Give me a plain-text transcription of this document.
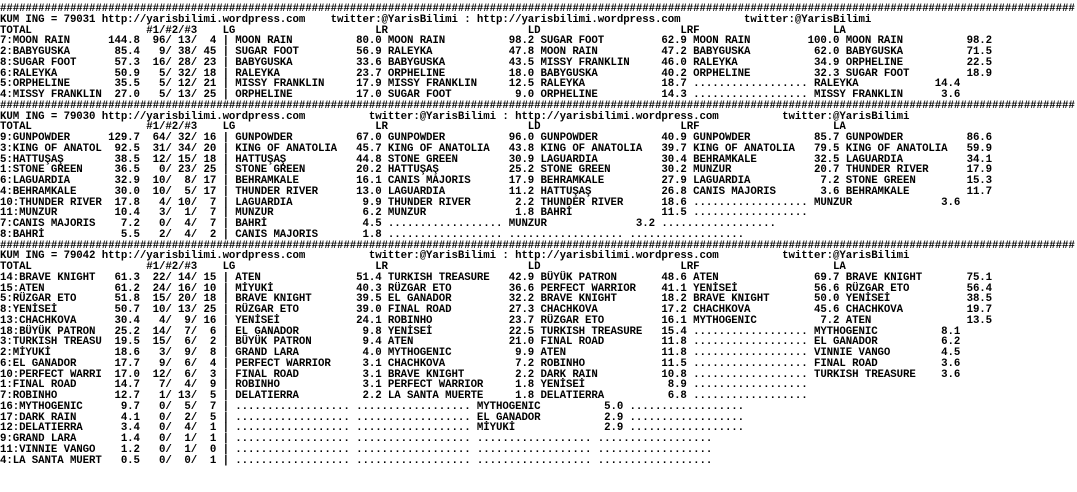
#########################################################################################################################################################################
KUM ING = 79031 http://yarisbilimi.wordpress.com    twitter:@YarisBilimi : http://yarisbilimi.wordpress.com          twitter:@YarisBilimi
TOTAL                  #1/#2/#3    LG                      LR                      LD                      LRF                     LA
7:MOON RAIN      144.8  96/ 13/  4 | MOON RAIN          80.0 MOON RAIN          98.2 SUGAR FOOT         62.9 MOON RAIN         100.0 MOON RAIN          98.2
2:BABYGUSKA       85.4   9/ 38/ 45 | SUGAR FOOT         56.9 RALEYKA            47.8 MOON RAIN          47.2 BABYGUSKA          62.0 BABYGUSKA          71.5
8:SUGAR FOOT      57.3  16/ 28/ 23 | BABYGUSKA          33.6 BABYGUSKA          43.5 MISSY FRANKLIN     46.0 RALEYKA            34.9 ORPHELINE          22.5
6:RALEYKA         50.9   5/ 32/ 18 | RALEYKA            23.7 ORPHELINE          18.0 BABYGUSKA          40.2 ORPHELINE          32.3 SUGAR FOOT         18.9
5:ORPHELINE       35.5   5/ 12/ 21 | MISSY FRANKLIN     17.9 MISSY FRANKLIN     12.5 RALEYKA            18.7 .................. RALEYKA            14.4
4:MISSY FRANKLIN  27.0   5/ 13/ 25 | ORPHELINE          17.0 SUGAR FOOT          9.0 ORPHELINE          14.3 .................. MISSY FRANKLIN      3.6
#########################################################################################################################################################################
KUM ING = 79030 http://yarisbilimi.wordpress.com          twitter:@YarisBilimi : http://yarisbilimi.wordpress.com          twitter:@YarisBilimi
TOTAL                  #1/#2/#3    LG                      LR                      LD                      LRF                     LA
9:GUNPOWDER      129.7  64/ 32/ 16 | GUNPOWDER          67.0 GUNPOWDER          96.0 GUNPOWDER          40.9 GUNPOWDER          85.7 GUNPOWDER          86.6
3:KING OF ANATOL  92.5  31/ 34/ 20 | KING OF ANATOLIA   45.7 KING OF ANATOLIA   43.8 KING OF ANATOLIA   39.7 KING OF ANATOLIA   79.5 KING OF ANATOLIA   59.9
5:HATTUŞAŞ        38.5  12/ 15/ 18 | HATTUŞAŞ           44.8 STONE GREEN        30.9 LAGUARDIA          30.4 BEHRAMKALE         32.5 LAGUARDIA          34.1
1:STONE GREEN     36.5   0/ 23/ 25 | STONE GREEN        20.2 HATTUŞAŞ           25.2 STONE GREEN        30.2 MUNZUR             20.7 THUNDER RIVER      17.9
6:LAGUARDIA       32.9  10/  8/ 17 | BEHRAMKALE         16.1 CANIS MAJORIS      17.9 BEHRAMKALE         27.9 LAGUARDIA           7.2 STONE GREEN        15.3
4:BEHRAMKALE      30.0  10/  5/ 17 | THUNDER RIVER      13.0 LAGUARDIA          11.2 HATTUŞAŞ           26.8 CANIS MAJORIS       3.6 BEHRAMKALE         11.7
10:THUNDER RIVER  17.8   4/ 10/  7 | LAGUARDIA           9.9 THUNDER RIVER       2.2 THUNDER RIVER      18.6 .................. MUNZUR              3.6
11:MUNZUR         10.4   3/  1/  7 | MUNZUR              6.2 MUNZUR              1.8 BAHRİ              11.5 ..................
7:CANIS MAJORIS    7.2   0/  4/  7 | BAHRİ               4.5 .................. MUNZUR              3.2 ..................
8:BAHRİ            5.5   2/  4/  2 | CANIS MAJORIS       1.8 .................. .................. ..................
#########################################################################################################################################################################
KUM ING = 79042 http://yarisbilimi.wordpress.com          twitter:@YarisBilimi : http://yarisbilimi.wordpress.com          twitter:@YarisBilimi
TOTAL                  #1/#2/#3    LG                      LR                      LD                      LRF                     LA
14:BRAVE KNIGHT   61.3  22/ 14/ 15 | ATEN               51.4 TURKISH TREASURE   42.9 BÜYÜK PATRON       48.6 ATEN               69.7 BRAVE KNIGHT       75.1
15:ATEN           61.2  24/ 16/ 10 | MİYUKİ             40.3 RÜZGAR ETO         36.6 PERFECT WARRIOR    41.1 YENİSEİ            56.6 RÜZGAR ETO         56.4
5:RÜZGAR ETO      51.8  15/ 20/ 18 | BRAVE KNIGHT       39.5 EL GANADOR         32.2 BRAVE KNIGHT       18.2 BRAVE KNIGHT       50.0 YENİSEİ            38.5
8:YENİSEİ         50.7  10/ 13/ 25 | RÜZGAR ETO         39.0 FINAL ROAD         27.3 CHACHKOVA          17.2 CHACHKOVA          45.6 CHACHKOVA          19.7
13:CHACHKOVA      30.4   4/  9/ 16 | YENİSEİ            24.1 ROBINHO            23.7 RÜZGAR ETO         16.1 MYTHOGENIC          7.2 ATEN               13.5
18:BÜYÜK PATRON   25.2  14/  7/  6 | EL GANADOR          9.8 YENİSEİ            22.5 TURKISH TREASURE   15.4 .................. MYTHOGENIC          8.1
3:TURKISH TREASU  19.5  15/  6/  2 | BÜYÜK PATRON        9.4 ATEN               21.0 FINAL ROAD         11.8 .................. EL GANADOR          6.2
2:MİYUKİ          18.6   3/  9/  8 | GRAND LARA          4.0 MYTHOGENIC          9.9 ATEN               11.8 .................. VINNIE VANGO        4.5
6:EL GANADOR      17.7   9/  6/  4 | PERFECT WARRIOR     3.1 CHACHKOVA           7.2 ROBINHO            11.5 .................. FINAL ROAD          3.6
10:PERFECT WARRI  17.0  12/  6/  3 | FINAL ROAD          3.1 BRAVE KNIGHT        2.2 DARK RAIN          10.8 .................. TURKISH TREASURE    3.6
1:FINAL ROAD      14.7   7/  4/  9 | ROBINHO             3.1 PERFECT WARRIOR     1.8 YENİSEİ             8.9 ..................
7:ROBINHO         12.7   1/ 13/  5 | DELATIERRA          2.2 LA SANTA MUERTE     1.8 DELATIERRA          6.8 ..................
16:MYTHOGENIC      9.7   0/  5/  7 | .................. .................. MYTHOGENIC          5.0 ..................
17:DARK RAIN       4.1   0/  2/  5 | .................. .................. EL GANADOR          2.9 ..................
12:DELATIERRA      3.4   0/  4/  1 | .................. .................. MİYUKİ              2.9 ..................
9:GRAND LARA       1.4   0/  1/  1 | .................. .................. .................. ..................
11:VINNIE VANGO    1.2   0/  1/  0 | .................. .................. .................. ..................
4:LA SANTA MUERT   0.5   0/  0/  1 | .................. .................. .................. ..................
